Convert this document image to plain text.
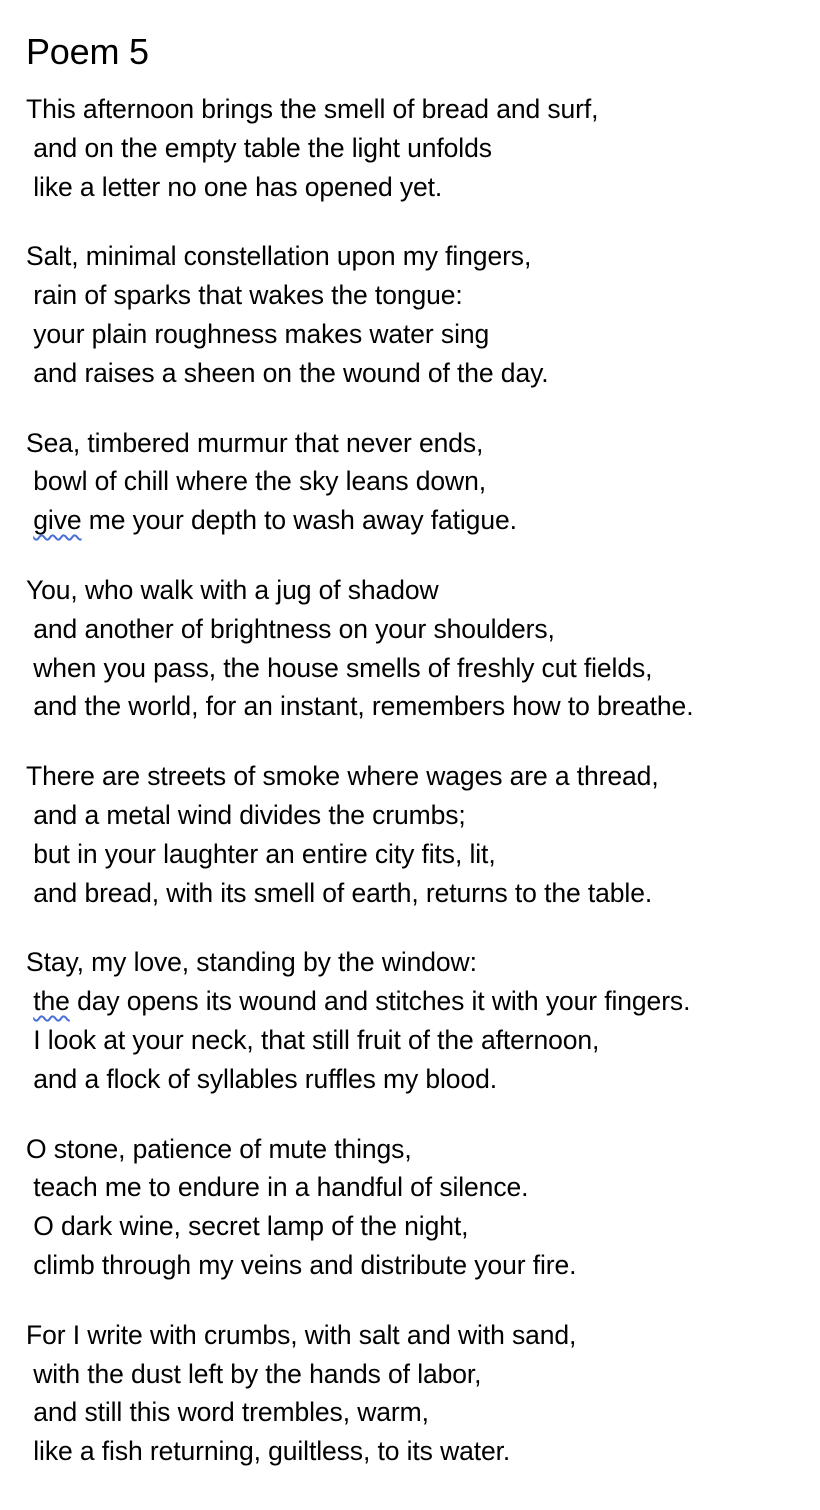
Poem 5
This afternoon brings the smell of bread and surf,
and on the empty table the light unfolds
like a letter no one has opened yet.
Salt, minimal constellation upon my fingers,
rain of sparks that wakes the tongue:
your plain roughness makes water sing
and raises a sheen on the wound of the day.
Sea, timbered murmur that never ends,
bowl of chill where the sky leans down,
give me your depth to wash away fatigue.
You, who walk with a jug of shadow
and another of brightness on your shoulders,
when you pass, the house smells of freshly cut fields,
and the world, for an instant, remembers how to breathe.
There are streets of smoke where wages are a thread,
and a metal wind divides the crumbs;
but in your laughter an entire city fits, lit,
and bread, with its smell of earth, returns to the table.
Stay, my love, standing by the window:
the day opens its wound and stitches it with your fingers.
I look at your neck, that still fruit of the afternoon,
and a flock of syllables ruffles my blood.
O stone, patience of mute things,
teach me to endure in a handful of silence.
O dark wine, secret lamp of the night,
climb through my veins and distribute your fire.
For I write with crumbs, with salt and with sand,
with the dust left by the hands of labor,
and still this word trembles, warm,
like a fish returning, guiltless, to its water.
